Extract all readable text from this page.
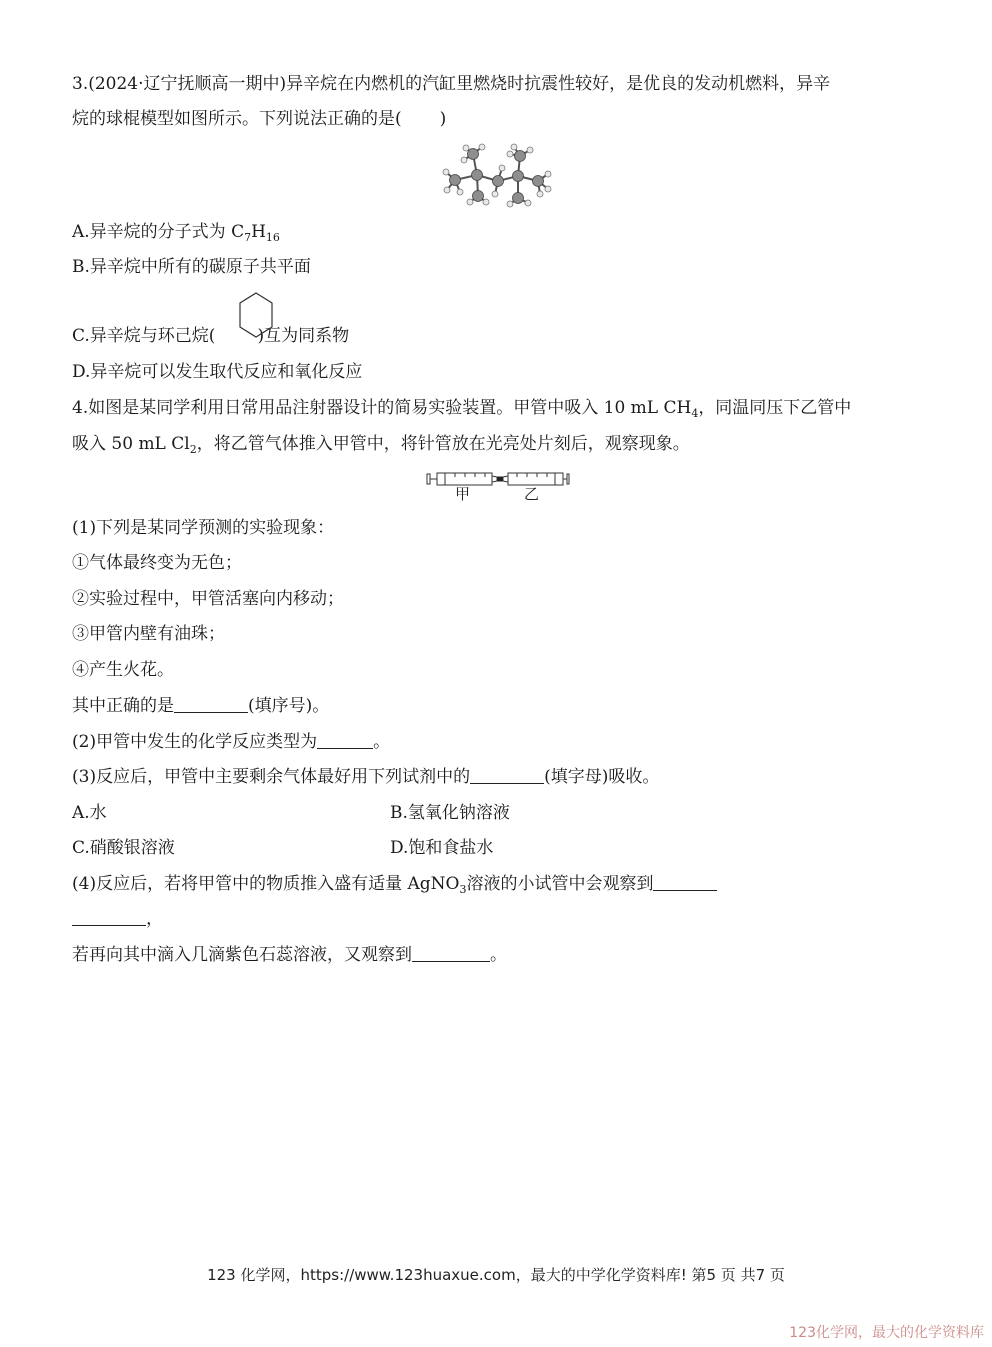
3.(2024·辽宁抚顺高一期中)异辛烷在内燃机的汽缸里燃烧时抗震性较好，是优良的发动机燃料，异辛
烷的球棍模型如图所示。下列说法正确的是( )
A.异辛烷的分子式为 $C_7H_{16}$
B.异辛烷中所有的碳原子共平面
C.异辛烷与环己烷( )互为同系物
D.异辛烷可以发生取代反应和氧化反应
4.如图是某同学利用日常用品注射器设计的简易实验装置。甲管中吸入 10 mL $CH_4$，同温同压下乙管中
吸入 50 mL $Cl_2$，将乙管气体推入甲管中，将针管放在光亮处片刻后，观察现象。
甲	乙
(1)下列是某同学预测的实验现象：
①气体最终变为无色；
②实验过程中，甲管活塞向内移动；
③甲管内壁有油珠；
④产生火花。
其中正确的是	(填序号)。
(2)甲管中发生的化学反应类型为	。
(3)反应后，甲管中主要剩余气体最好用下列试剂中的	(填字母)吸收。
A.水	B.氢氧化钠溶液
C.硝酸银溶液	D.饱和食盐水
(4)反应后，若将甲管中的物质推入盛有适量 AgNO$_3$溶液的小试管中会观察到
，
若再向其中滴入几滴紫色石蕊溶液，又观察到	。
123 化学网，https://www.123huaxue.com，最大的中学化学资料库! 第5 页 共7 页
123化学网，最大的化学资料库
